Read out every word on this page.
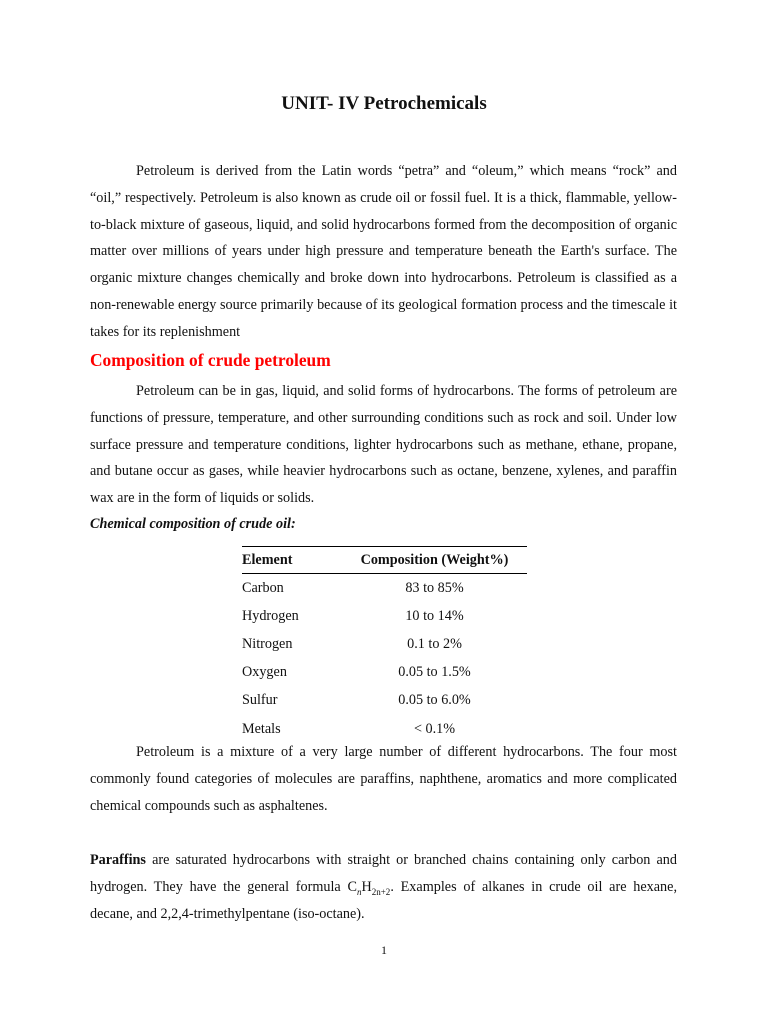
UNIT- IV Petrochemicals

Petroleum is derived from the Latin words “petra” and “oleum,” which means “rock” and “oil,” respectively. Petroleum is also known as crude oil or fossil fuel. It is a thick, flammable, yellow-to-black mixture of gaseous, liquid, and solid hydrocarbons formed from the decomposition of organic matter over millions of years under high pressure and temperature beneath the Earth's surface. The organic mixture changes chemically and broke down into hydrocarbons. Petroleum is classified as a non-renewable energy source primarily because of its geological formation process and the timescale it takes for its replenishment

Composition of crude petroleum

Petroleum can be in gas, liquid, and solid forms of hydrocarbons. The forms of petroleum are functions of pressure, temperature, and other surrounding conditions such as rock and soil. Under low surface pressure and temperature conditions, lighter hydrocarbons such as methane, ethane, propane, and butane occur as gases, while heavier hydrocarbons such as octane, benzene, xylenes, and paraffin wax are in the form of liquids or solids.

Chemical composition of crude oil:

Element	Composition (Weight%)
Carbon	83 to 85%
Hydrogen	10 to 14%
Nitrogen	0.1 to 2%
Oxygen	0.05 to 1.5%
Sulfur	0.05 to 6.0%
Metals	< 0.1%

Petroleum is a mixture of a very large number of different hydrocarbons. The four most commonly found categories of molecules are paraffins, naphthene, aromatics and more complicated chemical compounds such as asphaltenes.

Paraffins are saturated hydrocarbons with straight or branched chains containing only carbon and hydrogen. They have the general formula $C_nH_{2n+2}$. Examples of alkanes in crude oil are hexane, decane, and 2,2,4-trimethylpentane (iso-octane).

1
